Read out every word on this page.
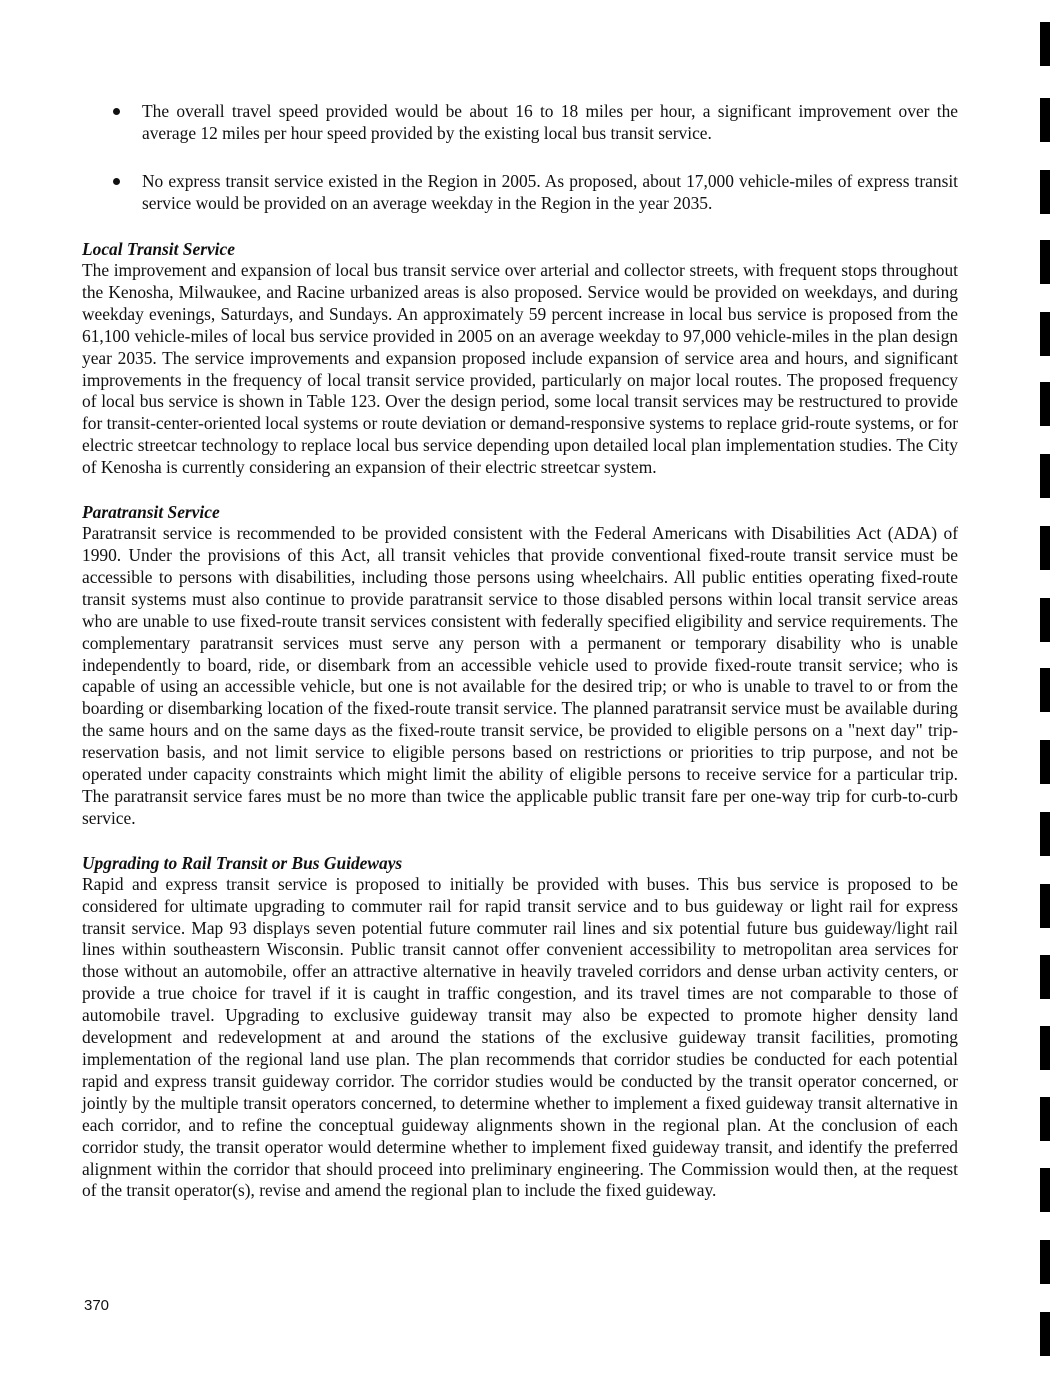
The overall travel speed provided would be about 16 to 18 miles per hour, a significant improvement over the average 12 miles per hour speed provided by the existing local bus transit service.
No express transit service existed in the Region in 2005. As proposed, about 17,000 vehicle-miles of express transit service would be provided on an average weekday in the Region in the year 2035.
Local Transit Service

The improvement and expansion of local bus transit service over arterial and collector streets, with frequent stops throughout the Kenosha, Milwaukee, and Racine urbanized areas is also proposed. Service would be provided on weekdays, and during weekday evenings, Saturdays, and Sundays. An approximately 59 percent increase in local bus service is proposed from the 61,100 vehicle-miles of local bus service provided in 2005 on an average weekday to 97,000 vehicle-miles in the plan design year 2035. The service improvements and expansion proposed include expansion of service area and hours, and significant improvements in the frequency of local transit service provided, particularly on major local routes. The proposed frequency of local bus service is shown in Table 123. Over the design period, some local transit services may be restructured to provide for transit-center-oriented local systems or route deviation or demand-responsive systems to replace grid-route systems, or for electric streetcar technology to replace local bus service depending upon detailed local plan implementation studies. The City of Kenosha is currently considering an expansion of their electric streetcar system.

Paratransit Service

Paratransit service is recommended to be provided consistent with the Federal Americans with Disabilities Act (ADA) of 1990. Under the provisions of this Act, all transit vehicles that provide conventional fixed-route transit service must be accessible to persons with disabilities, including those persons using wheelchairs. All public entities operating fixed-route transit systems must also continue to provide paratransit service to those disabled persons within local transit service areas who are unable to use fixed-route transit services consistent with federally specified eligibility and service requirements. The complementary paratransit services must serve any person with a permanent or temporary disability who is unable independently to board, ride, or disembark from an accessible vehicle used to provide fixed-route transit service; who is capable of using an accessible vehicle, but one is not available for the desired trip; or who is unable to travel to or from the boarding or disembarking location of the fixed-route transit service. The planned paratransit service must be available during the same hours and on the same days as the fixed-route transit service, be provided to eligible persons on a "next day" trip-reservation basis, and not limit service to eligible persons based on restrictions or priorities to trip purpose, and not be operated under capacity constraints which might limit the ability of eligible persons to receive service for a particular trip. The paratransit service fares must be no more than twice the applicable public transit fare per one-way trip for curb-to-curb service.

Upgrading to Rail Transit or Bus Guideways

Rapid and express transit service is proposed to initially be provided with buses. This bus service is proposed to be considered for ultimate upgrading to commuter rail for rapid transit service and to bus guideway or light rail for express transit service. Map 93 displays seven potential future commuter rail lines and six potential future bus guideway/light rail lines within southeastern Wisconsin. Public transit cannot offer convenient accessibility to metropolitan area services for those without an automobile, offer an attractive alternative in heavily traveled corridors and dense urban activity centers, or provide a true choice for travel if it is caught in traffic congestion, and its travel times are not comparable to those of automobile travel. Upgrading to exclusive guideway transit may also be expected to promote higher density land development and redevelopment at and around the stations of the exclusive guideway transit facilities, promoting implementation of the regional land use plan. The plan recommends that corridor studies be conducted for each potential rapid and express transit guideway corridor. The corridor studies would be conducted by the transit operator concerned, or jointly by the multiple transit operators concerned, to determine whether to implement a fixed guideway transit alternative in each corridor, and to refine the conceptual guideway alignments shown in the regional plan. At the conclusion of each corridor study, the transit operator would determine whether to implement fixed guideway transit, and identify the preferred alignment within the corridor that should proceed into preliminary engineering. The Commission would then, at the request of the transit operator(s), revise and amend the regional plan to include the fixed guideway.

370
